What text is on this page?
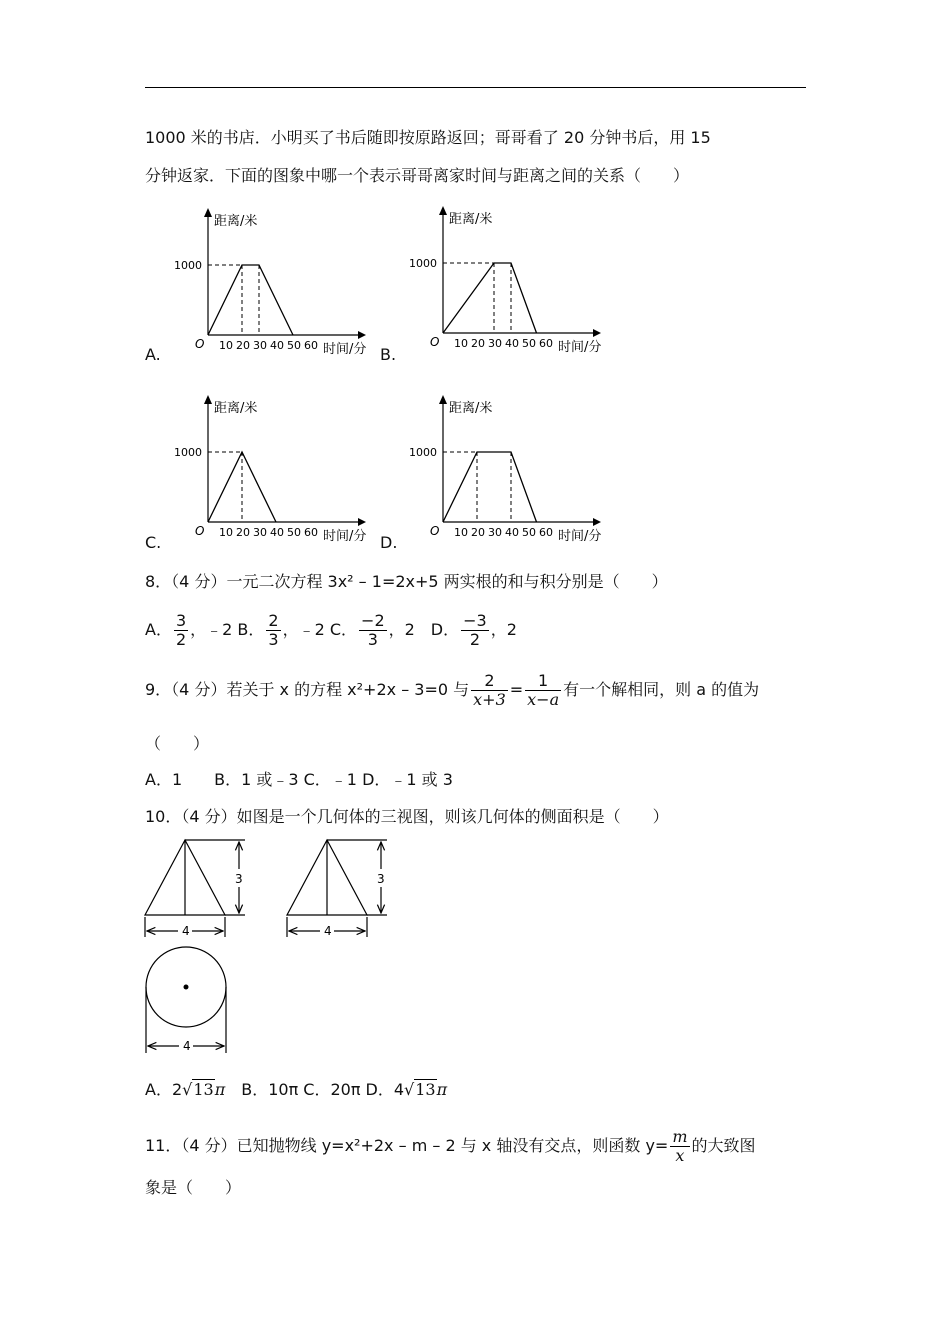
1000 米的书店．小明买了书后随即按原路返回；哥哥看了 20 分钟书后，用 15
分钟返家．下面的图象中哪一个表示哥哥离家时间与距离之间的关系（　　）
A.	B.
C.	D.
距离/米
时间/分
O
1000
10 20 30 40 50 60
距离/米
时间/分
O
1000
10 20 30 40 50 60
距离/米
时间/分
O
1000
10 20 30 40 50 60
距离/米
时间/分
O
1000
10 20 30 40 50 60
8．（4 分）一元二次方程 3x² – 1=2x+5 两实根的和与积分别是（　　）
A． $\frac{3}{2}$ ，﹣2 B． $\frac{2}{3}$ ，﹣2 C． $\frac{-2}{3}$ ，2　D． $\frac{-3}{2}$ ，2
9．（4 分）若关于 x 的方程 x²+2x – 3=0 与 $\frac{2}{x+3} = \frac{1}{x-a}$ 有一个解相同，则 a 的值为
（　　）
A．1　　B．1 或﹣3 C．﹣1 D．﹣1 或 3
10．（4 分）如图是一个几何体的三视图，则该几何体的侧面积是（　　）
3
4
3
4
4
A．2√13π　 B．10π C．20π D．4√13π
11．（4 分）已知抛物线 y=x²+2x – m – 2 与 x 轴没有交点，则函数 $y= \frac{m}{x}$ 的大致图
象是（　　）
